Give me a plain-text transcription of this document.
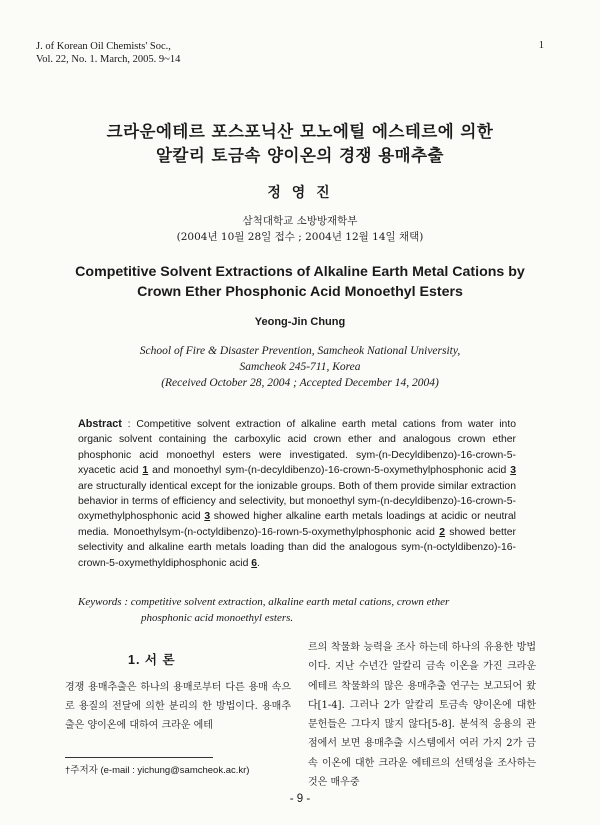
J. of Korean Oil Chemists' Soc.,
Vol. 22, No. 1. March, 2005. 9~14
1
크라운에테르 포스포닉산 모노에틸 에스테르에 의한
알칼리 토금속 양이온의 경쟁 용매추출
정 영 진
삼척대학교 소방방재학부
(2004년 10월 28일 접수 ; 2004년 12월 14일 채택)
Competitive Solvent Extractions of Alkaline Earth Metal Cations by
Crown Ether Phosphonic Acid Monoethyl Esters
Yeong-Jin Chung
School of Fire & Disaster Prevention, Samcheok National University,
Samcheok 245-711, Korea
(Received October 28, 2004 ; Accepted December 14, 2004)
Abstract : Competitive solvent extraction of alkaline earth metal cations from water into organic solvent containing the carboxylic acid crown ether and analogous crown ether phosphonic acid monoethyl esters were investigated. sym-(n-Decyldibenzo)-16-crown-5-xyacetic acid 1 and monoethyl sym-(n-decyldibenzo)-16-crown-5-oxymethylphosphonic acid 3 are structurally identical except for the ionizable groups. Both of them provide similar extraction behavior in terms of efficiency and selectivity, but monoethyl sym-(n-decyldibenzo)-16-crown-5-oxymethylphosphonic acid 3 showed higher alkaline earth metals loadings at acidic or neutral media. Monoethylsym-(n-octyldibenzo)-16-rown-5-oxymethylphosphonic acid 2 showed better selectivity and alkaline earth metals loading than did the analogous sym-(n-octyldibenzo)-16-crown-5-oxymethyldiphosphonic acid 6.
Keywords : competitive solvent extraction, alkaline earth metal cations, crown ether
phosphonic acid monoethyl esters.
1. 서 론
경쟁 용매추출은 하나의 용매로부터 다른 용매 속으로 용질의 전달에 의한 분리의 한 방법이다. 용매추출은 양이온에 대하여 크라운 에테
르의 착물화 능력을 조사 하는데 하나의 유용한 방법이다. 지난 수년간 알칼리 금속 이온을 가진 크라운 에테르 착물화의 많은 용매추출 연구는 보고되어 왔다[1-4]. 그러나 2가 알칼리 토금속 양이온에 대한 문헌들은 그다지 많지 않다[5-8]. 분석적 응용의 관점에서 보면 용매추출 시스템에서 여러 가지 2가 금속 이온에 대한 크라운 에테르의 선택성을 조사하는 것은 매우중
†주저자 (e-mail : yichung@samcheok.ac.kr)
- 9 -
